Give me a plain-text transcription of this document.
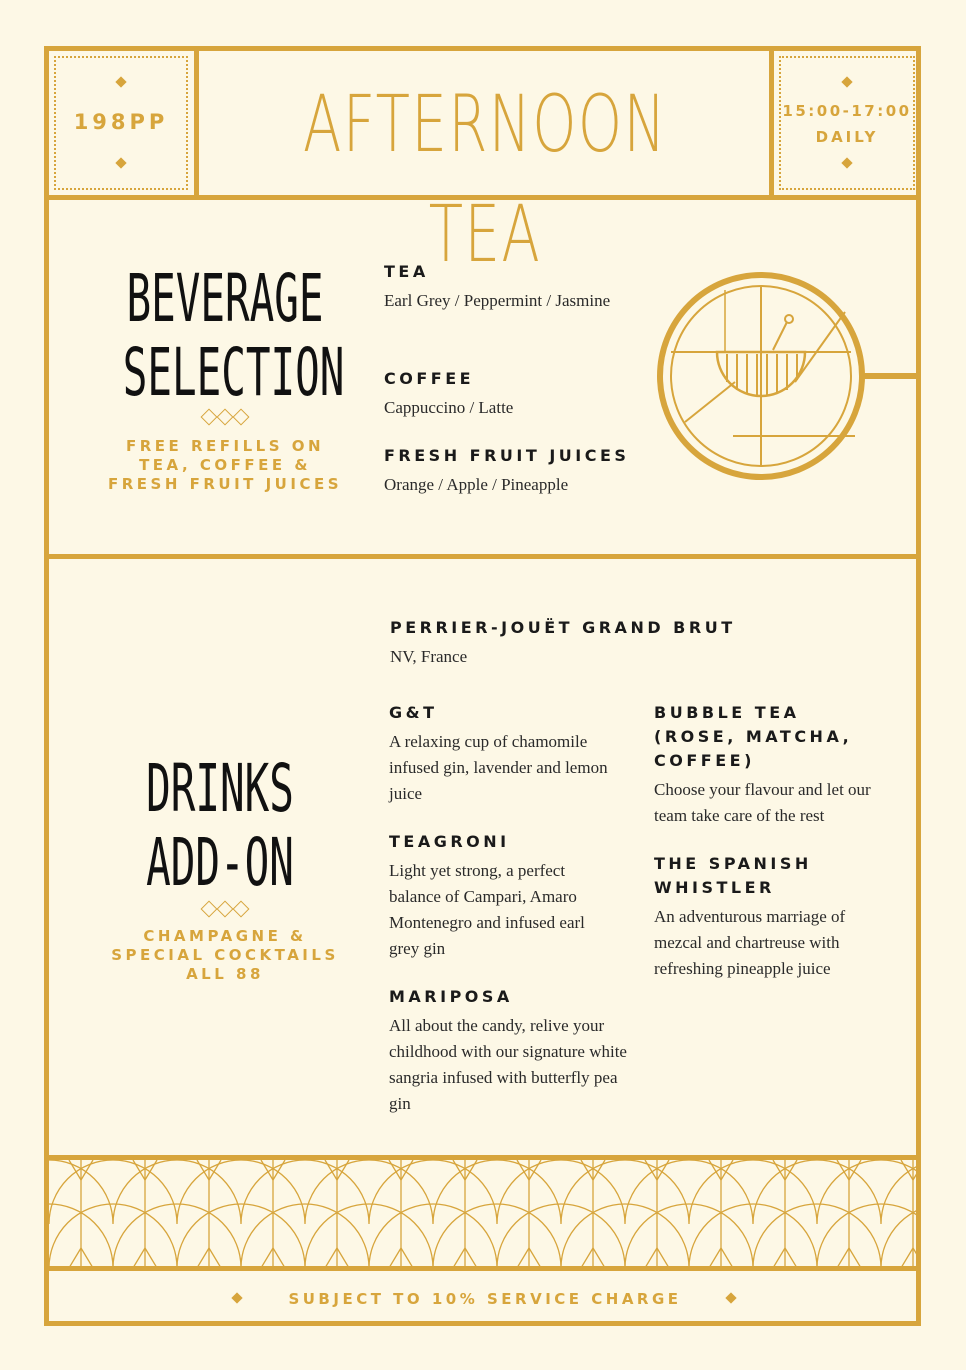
198PP AFTERNOON TEA
15:00-17:00
DAILY
BEVERAGE
SELECTION
FREE REFILLS ON
TEA, COFFEE &
FRESH FRUIT JUICES

TEA

Earl Grey / Peppermint / Jasmine

COFFEE

Cappuccino / Latte

FRESH FRUIT JUICES

Orange / Apple / Pineapple

DRINKS
ADD-ON
CHAMPAGNE &
SPECIAL COCKTAILS
ALL 88

PERRIER-JOUËT GRAND BRUT

NV, France

G&T

A relaxing cup of chamomile infused gin, lavender and lemon juice

TEAGRONI

Light yet strong, a perfect balance of Campari, Amaro Montenegro and infused earl grey gin

MARIPOSA

All about the candy, relive your childhood with our signature white sangria infused with butterfly pea gin

BUBBLE TEA (ROSE, MATCHA, COFFEE)

Choose your flavour and let our team take care of the rest

THE SPANISH WHISTLER

An adventurous marriage of mezcal and chartreuse with refreshing pineapple juice

SUBJECT TO 10% SERVICE CHARGE
